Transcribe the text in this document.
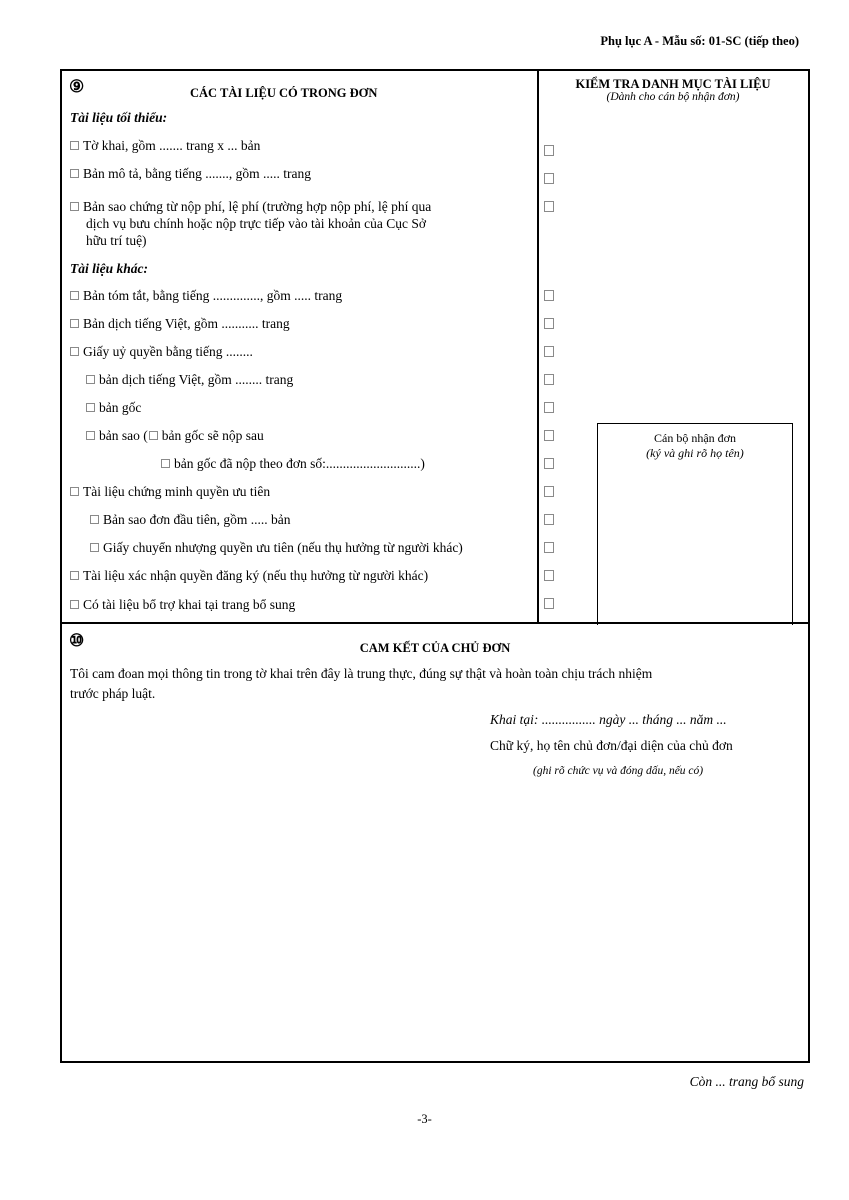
Phụ lục A - Mẫu số: 01-SC (tiếp theo)
⑨	CÁC TÀI LIỆU CÓ TRONG ĐƠN
KIỂM TRA DANH MỤC TÀI LIỆU
(Dành cho cán bộ nhận đơn)
Tài liệu tối thiểu:
Tờ khai, gồm ....... trang x ... bản
Bản mô tả, bằng tiếng ......., gồm ..... trang
Bản sao chứng từ nộp phí, lệ phí (trường hợp nộp phí, lệ phí qua
dịch vụ bưu chính hoặc nộp trực tiếp vào tài khoản của Cục Sở
hữu trí tuệ)
Tài liệu khác:
Bản tóm tắt, bằng tiếng .............., gồm ..... trang
Bản dịch tiếng Việt, gồm ........... trang
Giấy uỷ quyền bằng tiếng ........
bản dịch tiếng Việt, gồm ........ trang
bản gốc
bản sao ( bản gốc sẽ nộp sau
bản gốc đã nộp theo đơn số:............................)
Tài liệu chứng minh quyền ưu tiên
Bản sao đơn đầu tiên, gồm ..... bản
Giấy chuyển nhượng quyền ưu tiên (nếu thụ hưởng từ người khác)
Tài liệu xác nhận quyền đăng ký (nếu thụ hưởng từ người khác)
Có tài liệu bổ trợ khai tại trang bổ sung
Cán bộ nhận đơn
(ký và ghi rõ họ tên)
⑩	CAM KẾT CỦA CHỦ ĐƠN
Tôi cam đoan mọi thông tin trong tờ khai trên đây là trung thực, đúng sự thật và hoàn toàn chịu trách nhiệm
trước pháp luật.
Khai tại: ................ ngày ... tháng ... năm ...
Chữ ký, họ tên chủ đơn/đại diện của chủ đơn
(ghi rõ chức vụ và đóng dấu, nếu có)
Còn ... trang bổ sung
-3-
